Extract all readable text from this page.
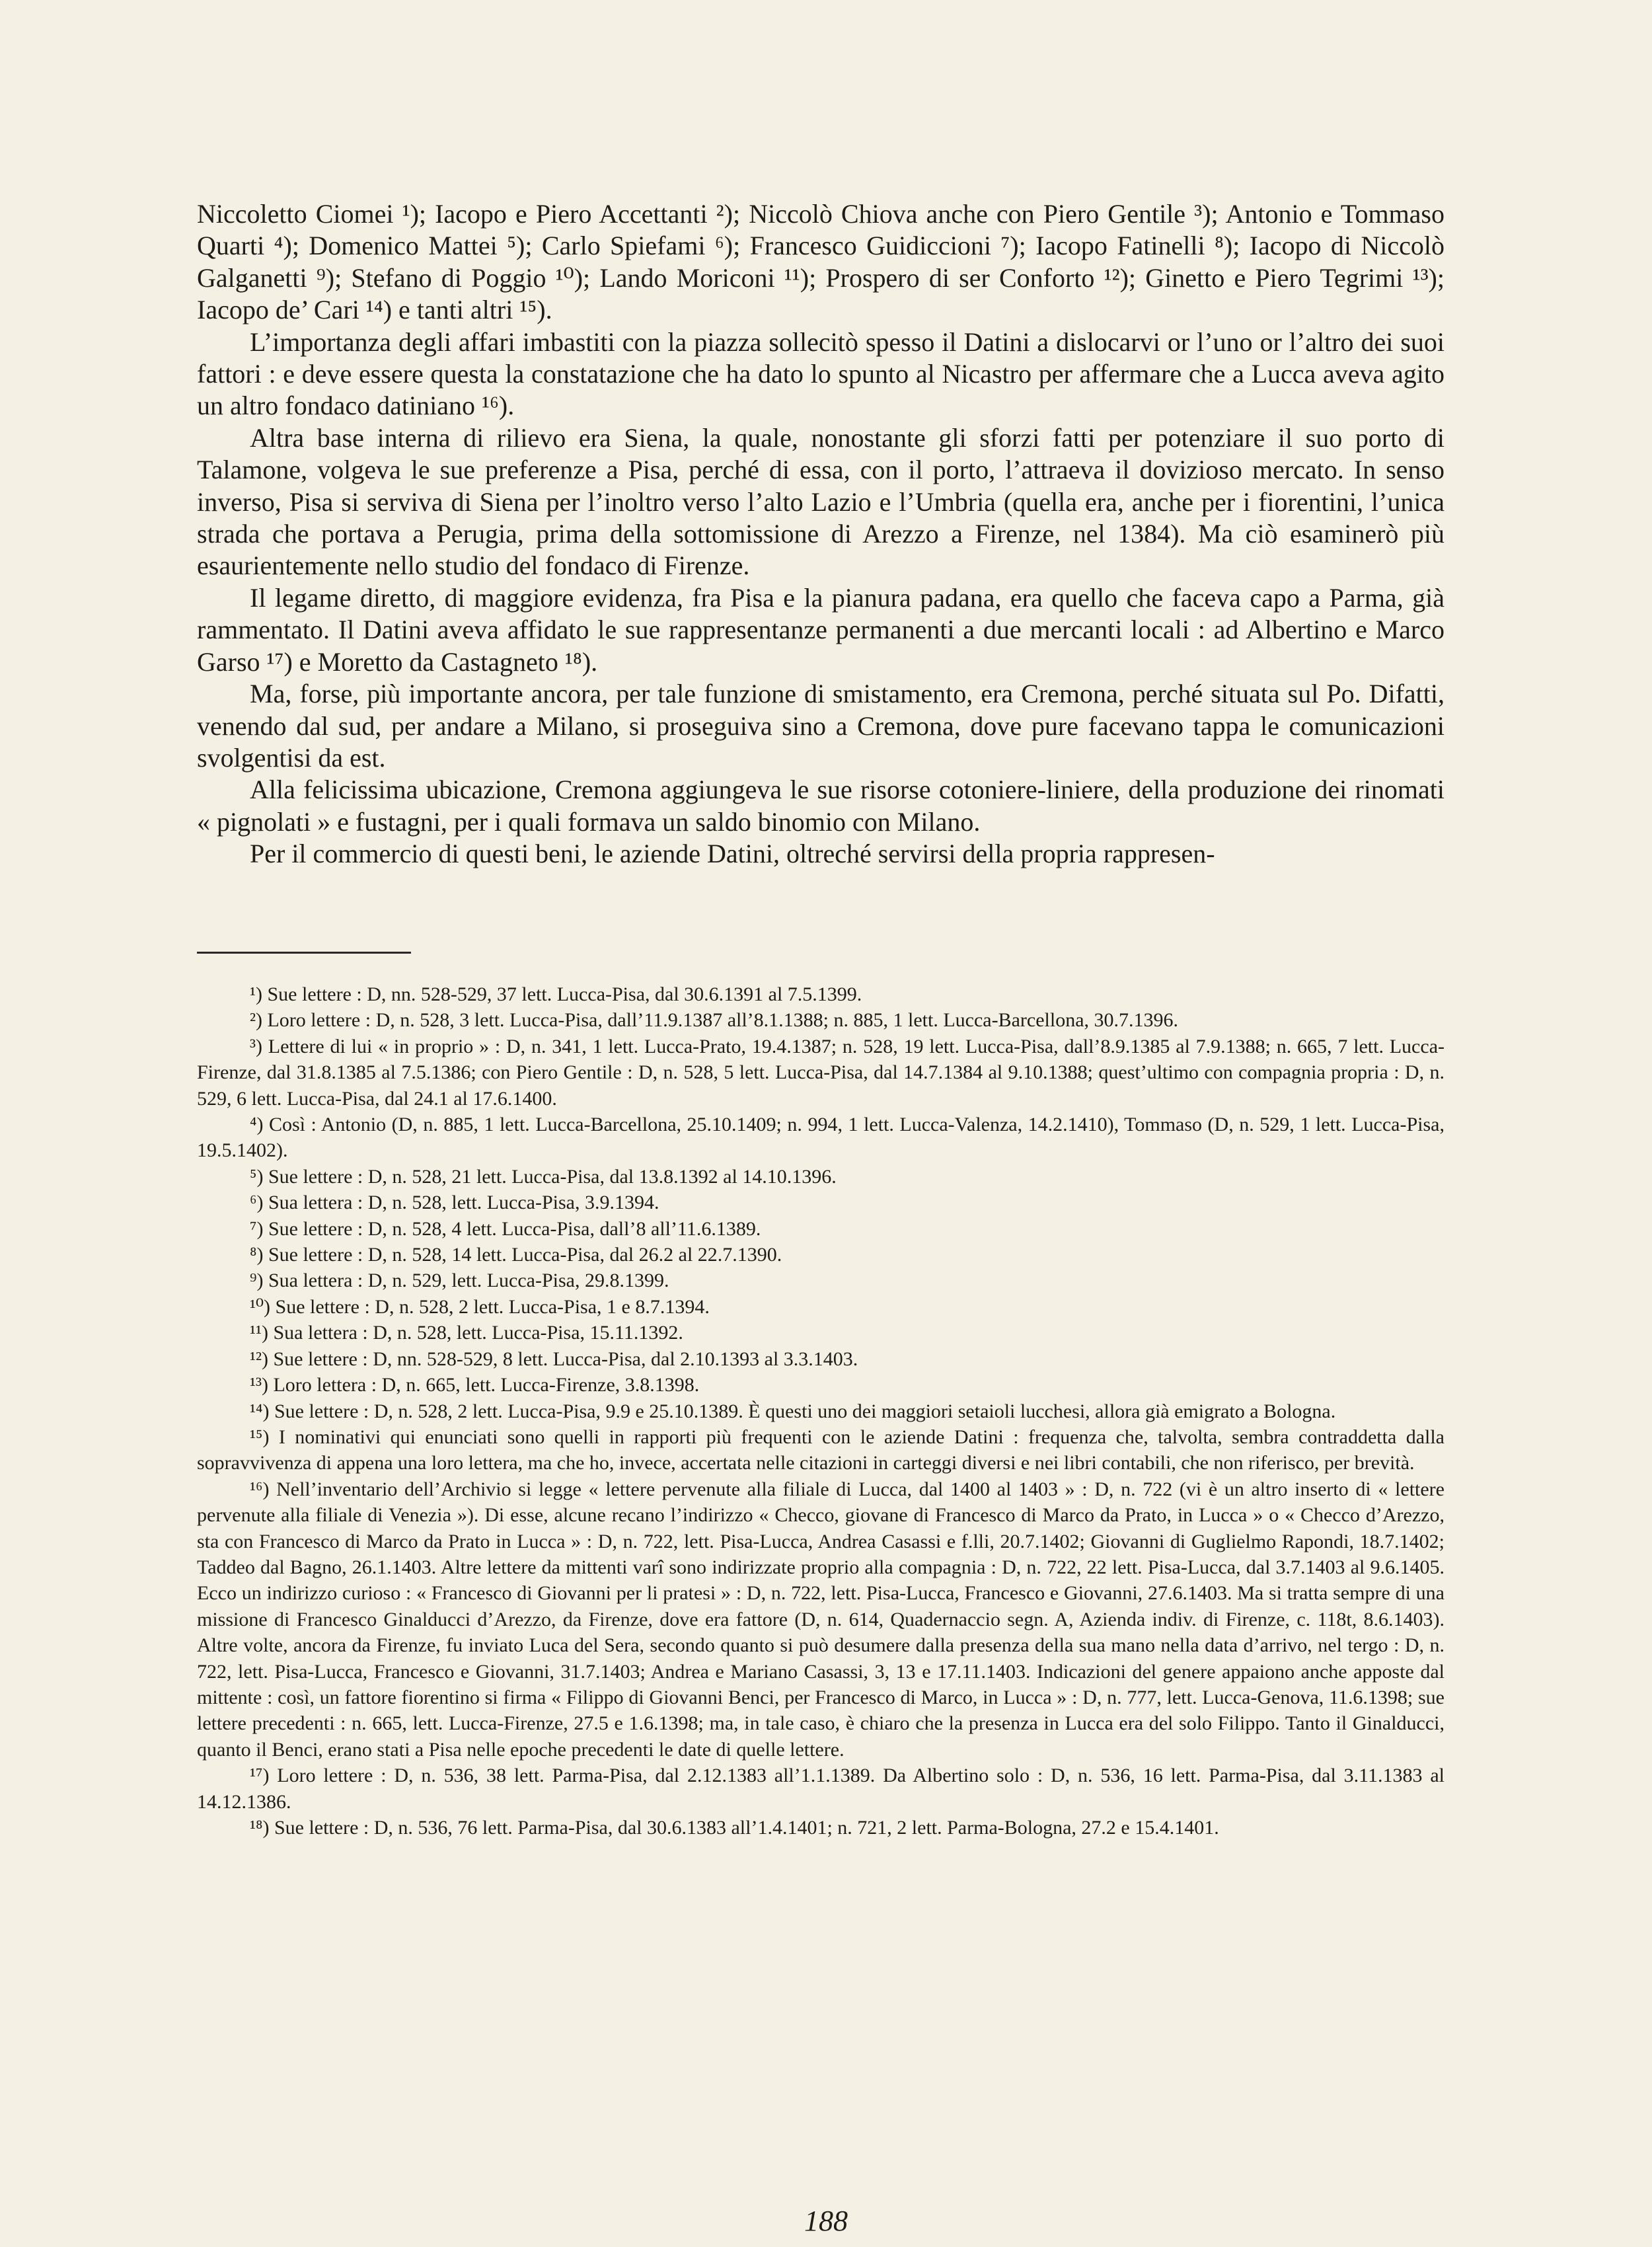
Niccoletto Ciomei ¹); Iacopo e Piero Accettanti ²); Niccolò Chiova anche con Piero Gentile ³); Antonio e Tommaso Quarti ⁴); Domenico Mattei ⁵); Carlo Spiefami ⁶); Francesco Guidiccioni ⁷); Iacopo Fatinelli ⁸); Iacopo di Niccolò Galganetti ⁹); Stefano di Poggio ¹⁰); Lando Moriconi ¹¹); Prospero di ser Conforto ¹²); Ginetto e Piero Tegrimi ¹³); Iacopo de’ Cari ¹⁴) e tanti altri ¹⁵).

L’importanza degli affari imbastiti con la piazza sollecitò spesso il Datini a dislocarvi or l’uno or l’altro dei suoi fattori : e deve essere questa la constatazione che ha dato lo spunto al Nicastro per affermare che a Lucca aveva agito un altro fondaco datiniano ¹⁶).

Altra base interna di rilievo era Siena, la quale, nonostante gli sforzi fatti per potenziare il suo porto di Talamone, volgeva le sue preferenze a Pisa, perché di essa, con il porto, l’attraeva il dovizioso mercato. In senso inverso, Pisa si serviva di Siena per l’inoltro verso l’alto Lazio e l’Umbria (quella era, anche per i fiorentini, l’unica strada che portava a Perugia, prima della sottomissione di Arezzo a Firenze, nel 1384). Ma ciò esaminerò più esaurientemente nello studio del fondaco di Firenze.

Il legame diretto, di maggiore evidenza, fra Pisa e la pianura padana, era quello che faceva capo a Parma, già rammentato. Il Datini aveva affidato le sue rappresentanze permanenti a due mercanti locali : ad Albertino e Marco Garso ¹⁷) e Moretto da Castagneto ¹⁸).

Ma, forse, più importante ancora, per tale funzione di smistamento, era Cremona, perché situata sul Po. Difatti, venendo dal sud, per andare a Milano, si proseguiva sino a Cremona, dove pure facevano tappa le comunicazioni svolgentisi da est.

Alla felicissima ubicazione, Cremona aggiungeva le sue risorse cotoniere-liniere, della produzione dei rinomati « pignolati » e fustagni, per i quali formava un saldo binomio con Milano.

Per il commercio di questi beni, le aziende Datini, oltreché servirsi della propria rappresen-

¹) Sue lettere : D, nn. 528-529, 37 lett. Lucca-Pisa, dal 30.6.1391 al 7.5.1399.

²) Loro lettere : D, n. 528, 3 lett. Lucca-Pisa, dall’11.9.1387 all’8.1.1388; n. 885, 1 lett. Lucca-Barcellona, 30.7.1396.

³) Lettere di lui « in proprio » : D, n. 341, 1 lett. Lucca-Prato, 19.4.1387; n. 528, 19 lett. Lucca-Pisa, dall’8.9.1385 al 7.9.1388; n. 665, 7 lett. Lucca-Firenze, dal 31.8.1385 al 7.5.1386; con Piero Gentile : D, n. 528, 5 lett. Lucca-Pisa, dal 14.7.1384 al 9.10.1388; quest’ultimo con compagnia propria : D, n. 529, 6 lett. Lucca-Pisa, dal 24.1 al 17.6.1400.

⁴) Così : Antonio (D, n. 885, 1 lett. Lucca-Barcellona, 25.10.1409; n. 994, 1 lett. Lucca-Valenza, 14.2.1410), Tommaso (D, n. 529, 1 lett. Lucca-Pisa, 19.5.1402).

⁵) Sue lettere : D, n. 528, 21 lett. Lucca-Pisa, dal 13.8.1392 al 14.10.1396.

⁶) Sua lettera : D, n. 528, lett. Lucca-Pisa, 3.9.1394.

⁷) Sue lettere : D, n. 528, 4 lett. Lucca-Pisa, dall’8 all’11.6.1389.

⁸) Sue lettere : D, n. 528, 14 lett. Lucca-Pisa, dal 26.2 al 22.7.1390.

⁹) Sua lettera : D, n. 529, lett. Lucca-Pisa, 29.8.1399.

¹⁰) Sue lettere : D, n. 528, 2 lett. Lucca-Pisa, 1 e 8.7.1394.

¹¹) Sua lettera : D, n. 528, lett. Lucca-Pisa, 15.11.1392.

¹²) Sue lettere : D, nn. 528-529, 8 lett. Lucca-Pisa, dal 2.10.1393 al 3.3.1403.

¹³) Loro lettera : D, n. 665, lett. Lucca-Firenze, 3.8.1398.

¹⁴) Sue lettere : D, n. 528, 2 lett. Lucca-Pisa, 9.9 e 25.10.1389. È questi uno dei maggiori setaioli lucchesi, allora già emigrato a Bologna.

¹⁵) I nominativi qui enunciati sono quelli in rapporti più frequenti con le aziende Datini : frequenza che, talvolta, sembra contraddetta dalla sopravvivenza di appena una loro lettera, ma che ho, invece, accertata nelle citazioni in carteggi diversi e nei libri contabili, che non riferisco, per brevità.

¹⁶) Nell’inventario dell’Archivio si legge « lettere pervenute alla filiale di Lucca, dal 1400 al 1403 » : D, n. 722 (vi è un altro inserto di « lettere pervenute alla filiale di Venezia »). Di esse, alcune recano l’indirizzo « Checco, giovane di Francesco di Marco da Prato, in Lucca » o « Checco d’Arezzo, sta con Francesco di Marco da Prato in Lucca » : D, n. 722, lett. Pisa-Lucca, Andrea Casassi e f.lli, 20.7.1402; Giovanni di Guglielmo Rapondi, 18.7.1402; Taddeo dal Bagno, 26.1.1403. Altre lettere da mittenti varî sono indirizzate proprio alla compagnia : D, n. 722, 22 lett. Pisa-Lucca, dal 3.7.1403 al 9.6.1405. Ecco un indirizzo curioso : « Francesco di Giovanni per li pratesi » : D, n. 722, lett. Pisa-Lucca, Francesco e Giovanni, 27.6.1403. Ma si tratta sempre di una missione di Francesco Ginalducci d’Arezzo, da Firenze, dove era fattore (D, n. 614, Quadernaccio segn. A, Azienda indiv. di Firenze, c. 118t, 8.6.1403). Altre volte, ancora da Firenze, fu inviato Luca del Sera, secondo quanto si può desumere dalla presenza della sua mano nella data d’arrivo, nel tergo : D, n. 722, lett. Pisa-Lucca, Francesco e Giovanni, 31.7.1403; Andrea e Mariano Casassi, 3, 13 e 17.11.1403. Indicazioni del genere appaiono anche apposte dal mittente : così, un fattore fiorentino si firma « Filippo di Giovanni Benci, per Francesco di Marco, in Lucca » : D, n. 777, lett. Lucca-Genova, 11.6.1398; sue lettere precedenti : n. 665, lett. Lucca-Firenze, 27.5 e 1.6.1398; ma, in tale caso, è chiaro che la presenza in Lucca era del solo Filippo. Tanto il Ginalducci, quanto il Benci, erano stati a Pisa nelle epoche precedenti le date di quelle lettere.

¹⁷) Loro lettere : D, n. 536, 38 lett. Parma-Pisa, dal 2.12.1383 all’1.1.1389. Da Albertino solo : D, n. 536, 16 lett. Parma-Pisa, dal 3.11.1383 al 14.12.1386.

¹⁸) Sue lettere : D, n. 536, 76 lett. Parma-Pisa, dal 30.6.1383 all’1.4.1401; n. 721, 2 lett. Parma-Bologna, 27.2 e 15.4.1401.

188
